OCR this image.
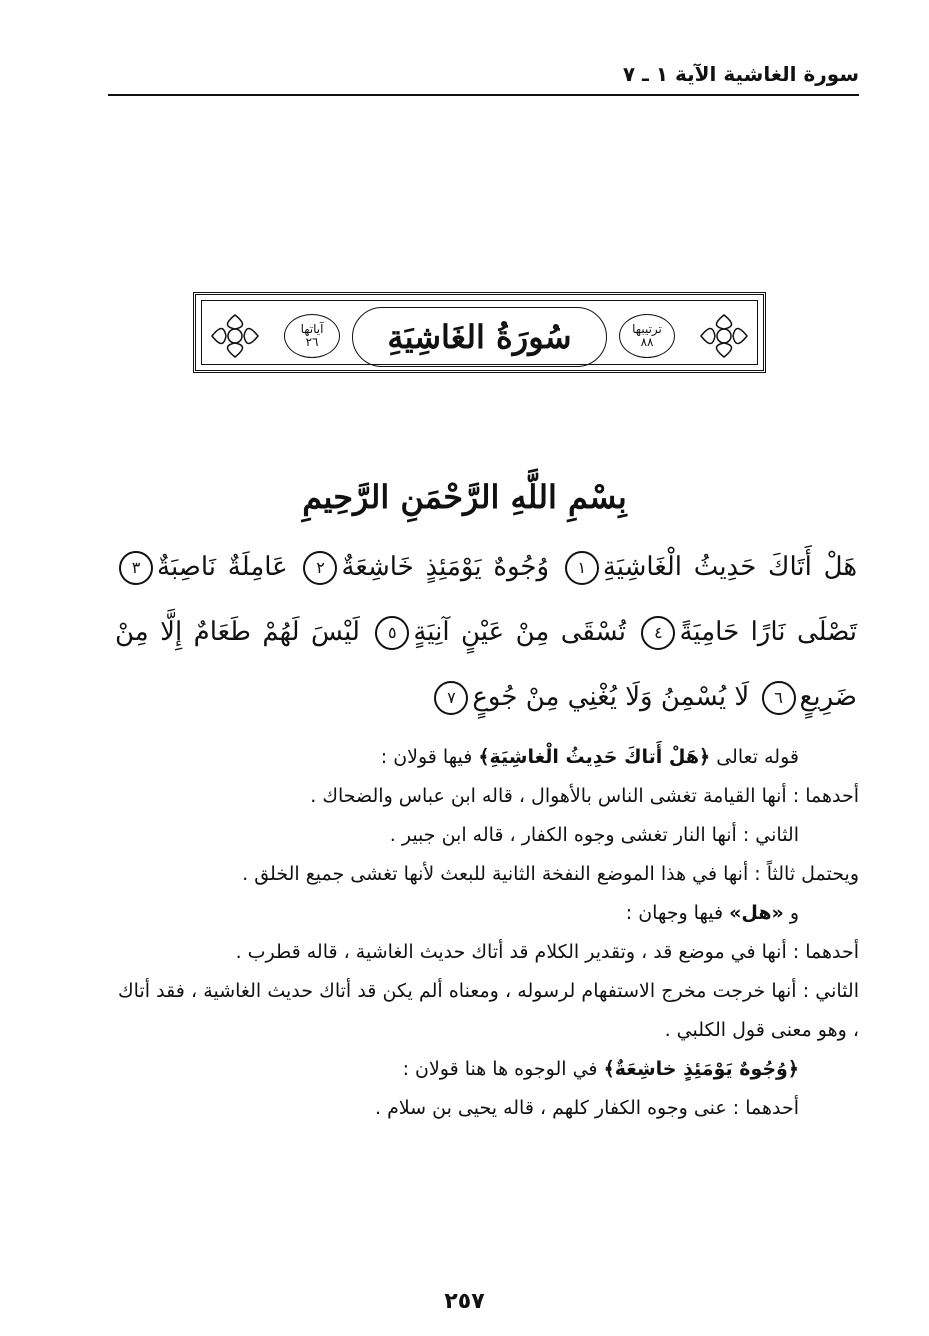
سورة الغاشية الآية ١ ـ ٧
ترتيبها
٨٨
سُورَةُ الغَاشِيَةِ
آياتها
٢٦
بِسْمِ اللَّهِ الرَّحْمَنِ الرَّحِيمِ
هَلْ أَتَاكَ حَدِيثُ الْغَاشِيَةِ١ وُجُوهٌ يَوْمَئِذٍ خَاشِعَةٌ٢ عَامِلَةٌ نَاصِبَةٌ٣ تَصْلَى نَارًا حَامِيَةً٤ تُسْقَى مِنْ عَيْنٍ آنِيَةٍ٥ لَيْسَ لَهُمْ طَعَامٌ إِلَّا مِنْ ضَرِيعٍ٦ لَا يُسْمِنُ وَلَا يُغْنِي مِنْ جُوعٍ٧

قوله تعالى ﴿هَلْ أَتاكَ حَدِيثُ الْغاشِيَةِ﴾ فيها قولان :

أحدهما : أنها القيامة تغشى الناس بالأهوال ، قاله ابن عباس والضحاك .

الثاني : أنها النار تغشى وجوه الكفار ، قاله ابن جبير .

ويحتمل ثالثاً : أنها في هذا الموضع النفخة الثانية للبعث لأنها تغشى جميع الخلق .

و «هل» فيها وجهان :

أحدهما : أنها في موضع قد ، وتقدير الكلام قد أتاك حديث الغاشية ، قاله قطرب .

الثاني : أنها خرجت مخرج الاستفهام لرسوله ، ومعناه ألم يكن قد أتاك حديث الغاشية ، فقد أتاك ، وهو معنى قول الكلبي .

﴿وُجُوهٌ يَوْمَئِذٍ خاشِعَةٌ﴾ في الوجوه ها هنا قولان :

أحدهما : عنى وجوه الكفار كلهم ، قاله يحيى بن سلام .

٢٥٧
